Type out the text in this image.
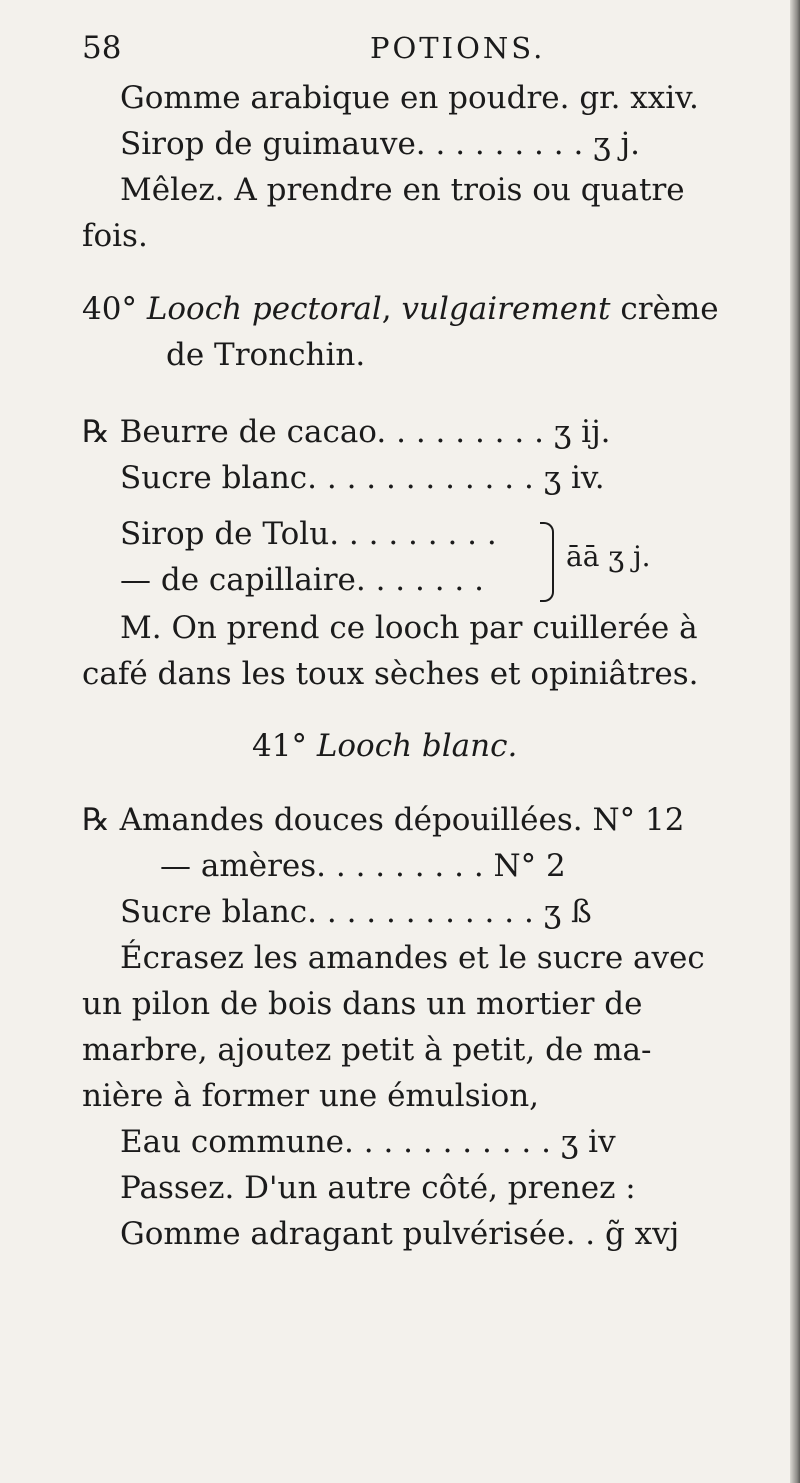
58	POTIONS.
Gomme arabique en poudre. gr. xxiv.
Sirop de guimauve. . . . . . . . . ʒ j.
Mêlez. A prendre en trois ou quatre
fois.
40° Looch pectoral, vulgairement crème
de Tronchin.
℞ Beurre de cacao. . . . . . . . . ʒ ij.
Sucre blanc. . . . . . . . . . . . ʒ iv.
Sirop de Tolu. . . . . . . . .
— de capillaire. . . . . . .
āā ʒ j.
M. On prend ce looch par cuillerée à
café dans les toux sèches et opiniâtres.
41° Looch blanc.
℞ Amandes douces dépouillées. N° 12
— amères. . . . . . . . . N° 2
Sucre blanc. . . . . . . . . . . . ʒ ß
Écrasez les amandes et le sucre avec
un pilon de bois dans un mortier de
marbre, ajoutez petit à petit, de ma-
nière à former une émulsion,
Eau commune. . . . . . . . . . . ʒ iv
Passez. D'un autre côté, prenez :
Gomme adragant pulvérisée. . g̃ xvj
